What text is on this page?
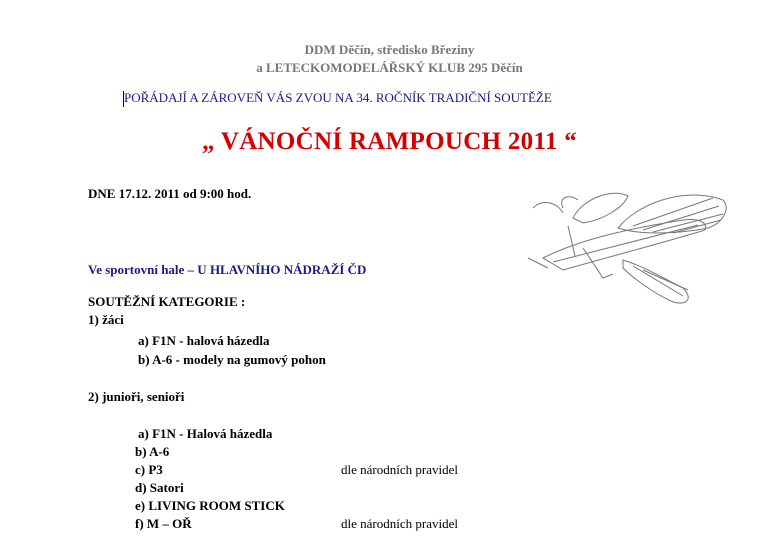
DDM Děčín, středisko Březiny
a LETECKOMODELÁŘSKÝ KLUB 295 Děčín
POŘÁDAJÍ A ZÁROVEŇ VÁS ZVOU NA 34. ROČNÍK TRADIČNÍ SOUTĚŽE
„ VÁNOČNÍ RAMPOUCH 2011 “
DNE 17.12. 2011 od 9:00 hod.
Ve sportovní hale – U HLAVNÍHO NÁDRAŽÍ ČD
SOUTĚŽNÍ KATEGORIE :
1) žáci
a) F1N - halová házedla
b) A-6 - modely na gumový pohon
2) junioři, senioři
a) F1N - Halová házedla
b) A-6
c) P3
d) Satori
e) LIVING ROOM STICK
f) M – OŘ
dle národních pravidel
dle národních pravidel
